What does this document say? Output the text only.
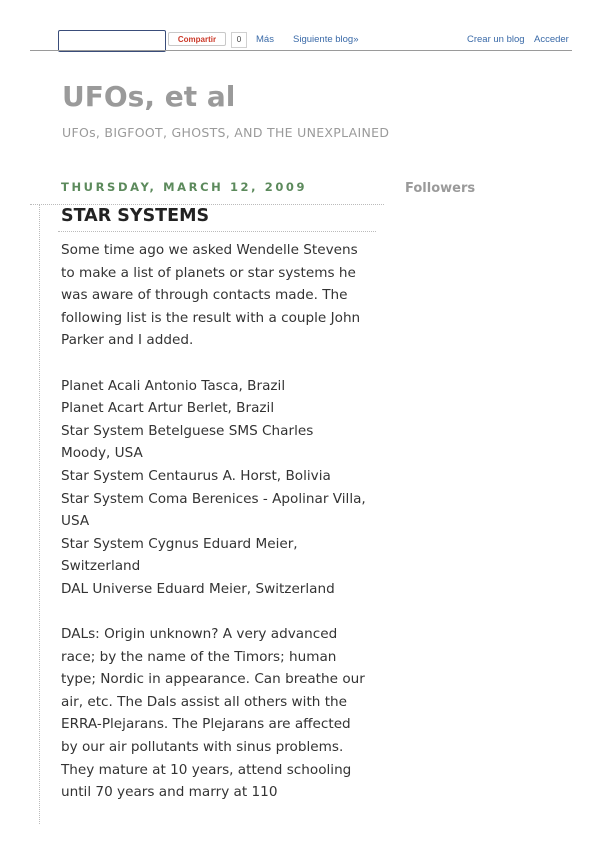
Compartir	0	Más Siguiente blog»	Crear un blog Acceder
UFOs, et al
UFOs, BIGFOOT, GHOSTS, AND THE UNEXPLAINED
THURSDAY, MARCH 12, 2009
STAR SYSTEMS

Some time ago we asked Wendelle Stevens to make a list of planets or star systems he was aware of through contacts made. The following list is the result with a couple John Parker and I added.

Planet Acali Antonio Tasca, Brazil
Planet Acart Artur Berlet, Brazil
Star System Betelguese SMS Charles Moody, USA
Star System Centaurus A. Horst, Bolivia
Star System Coma Berenices - Apolinar Villa, USA
Star System Cygnus Eduard Meier, Switzerland
DAL Universe Eduard Meier, Switzerland

DALs: Origin unknown? A very advanced race; by the name of the Timors; human type; Nordic in appearance. Can breathe our air, etc. The Dals assist all others with the ERRA-Plejarans. The Plejarans are affected by our air pollutants with sinus problems. They mature at 10 years, attend schooling until 70 years and marry at 110

Followers
